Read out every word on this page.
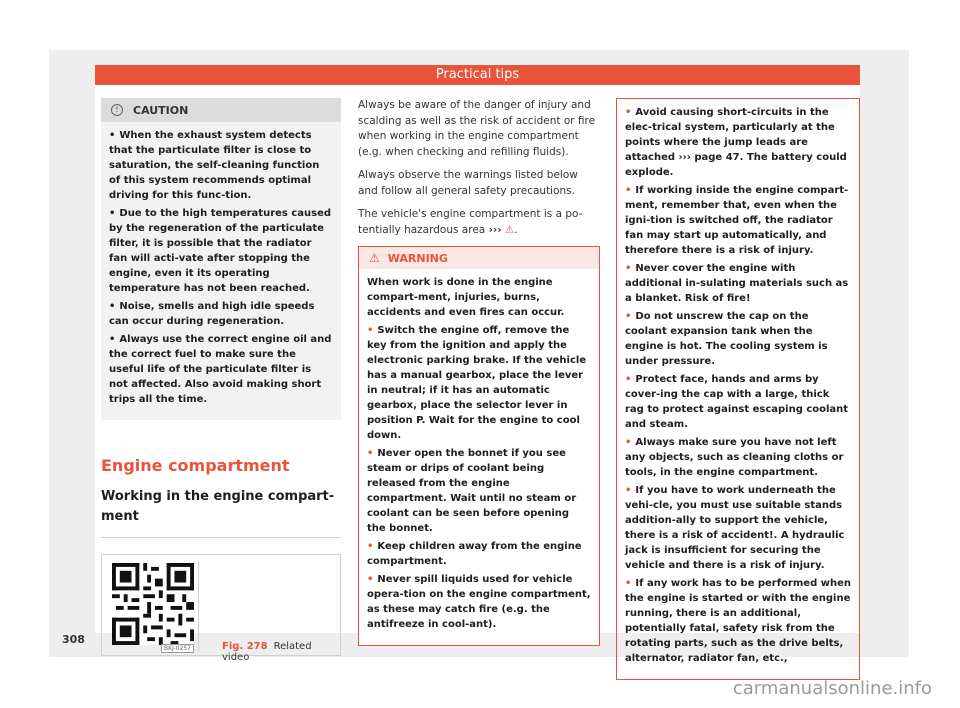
Practical tips
!	CAUTION

• When the exhaust system detects that the particulate filter is close to saturation, the self-cleaning function of this system recommends optimal driving for this func-tion.

• Due to the high temperatures caused by the regeneration of the particulate filter, it is possible that the radiator fan will acti-vate after stopping the engine, even it its operating temperature has not been reached.

• Noise, smells and high idle speeds can occur during regeneration.

• Always use the correct engine oil and the correct fuel to make sure the useful life of the particulate filter is not affected. Also avoid making short trips all the time.

Engine compartment
Working in the engine compart-ment
BKJ-0257	Fig. 278 Related video

Always be aware of the danger of injury and scalding as well as the risk of accident or fire when working in the engine compartment (e.g. when checking and refilling fluids).

Always observe the warnings listed below and follow all general safety precautions.

The vehicle's engine compartment is a po-tentially hazardous area ››› ⚠.

⚠ WARNING

When work is done in the engine compart-ment, injuries, burns, accidents and even fires can occur.

• Switch the engine off, remove the key from the ignition and apply the electronic parking brake. If the vehicle has a manual gearbox, place the lever in neutral; if it has an automatic gearbox, place the selector lever in position P. Wait for the engine to cool down.

• Never open the bonnet if you see steam or drips of coolant being released from the engine compartment. Wait until no steam or coolant can be seen before opening the bonnet.

• Keep children away from the engine compartment.

• Never spill liquids used for vehicle opera-tion on the engine compartment, as these may catch fire (e.g. the antifreeze in cool-ant).

• Avoid causing short-circuits in the elec-trical system, particularly at the points where the jump leads are attached ››› page 47. The battery could explode.

• If working inside the engine compart-ment, remember that, even when the igni-tion is switched off, the radiator fan may start up automatically, and therefore there is a risk of injury.

• Never cover the engine with additional in-sulating materials such as a blanket. Risk of fire!

• Do not unscrew the cap on the coolant expansion tank when the engine is hot. The cooling system is under pressure.

• Protect face, hands and arms by cover-ing the cap with a large, thick rag to protect against escaping coolant and steam.

• Always make sure you have not left any objects, such as cleaning cloths or tools, in the engine compartment.

• If you have to work underneath the vehi-cle, you must use suitable stands addition-ally to support the vehicle, there is a risk of accident!. A hydraulic jack is insufficient for securing the vehicle and there is a risk of injury.

• If any work has to be performed when the engine is started or with the engine running, there is an additional, potentially fatal, safety risk from the rotating parts, such as the drive belts, alternator, radiator fan, etc.,

308
carmanualsonline.info
